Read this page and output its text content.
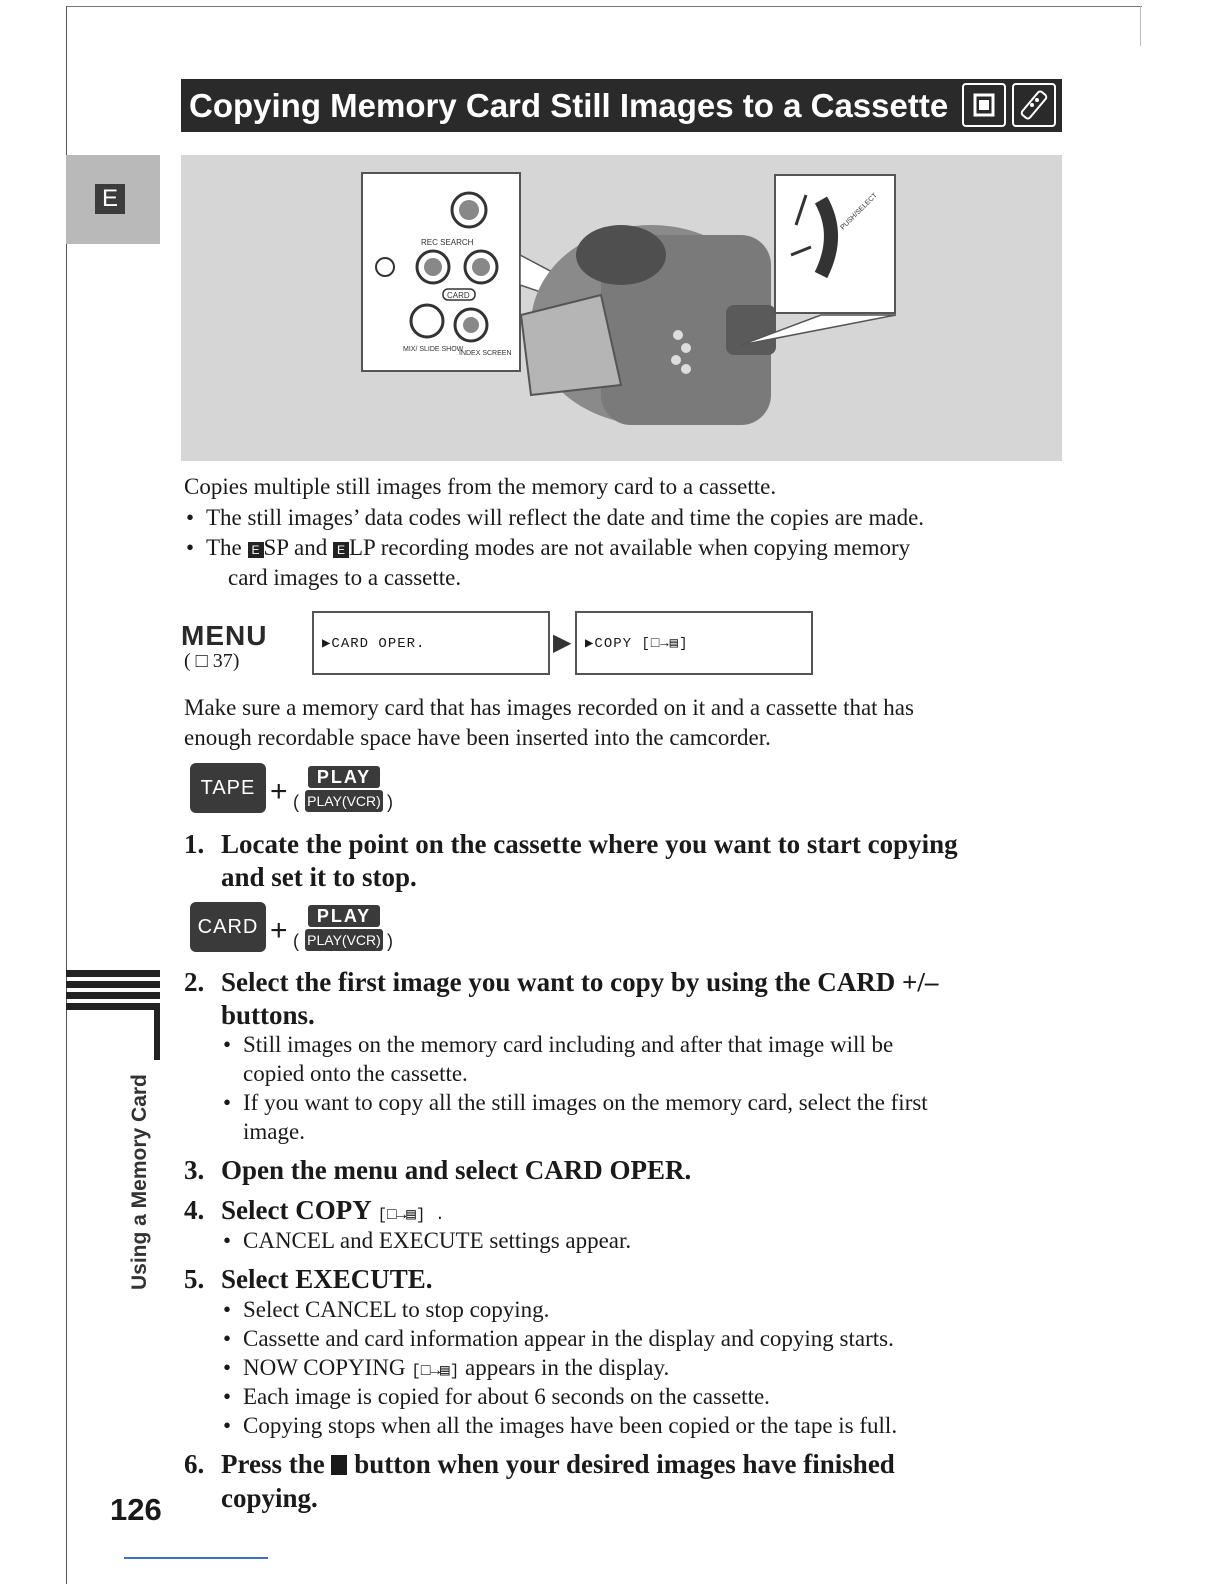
Copying Memory Card Still Images to a Cassette
E
REC SEARCH
CARD
MIX/ SLIDE SHOW
INDEX SCREEN
PUSH/SELECT
Copies multiple still images from the memory card to a cassette.
• The still images’ data codes will reflect the date and time the copies are made.
• The E SP and E LP recording modes are not available when copying memory
card images to a cassette.
MENU
( □ 37)
▶CARD OPER.	▶ ▶COPY [□→▤]
Make sure a memory card that has images recorded on it and a cassette that has
enough recordable space have been inserted into the camcorder.
TAPE + (
PLAY
PLAY(VCR) )
1. Locate the point on the cassette where you want to start copying
and set it to stop.
CARD + (
PLAY
PLAY(VCR) )
2. Select the first image you want to copy by using the CARD +/–
buttons.
• Still images on the memory card including and after that image will be
copied onto the cassette.
• If you want to copy all the still images on the memory card, select the first
image.
3. Open the menu and select CARD OPER.
4. Select COPY [□→▤] .
• CANCEL and EXECUTE settings appear.
5. Select EXECUTE.
• Select CANCEL to stop copying.
• Cassette and card information appear in the display and copying starts.
• NOW COPYING [□→▤] appears in the display.
• Each image is copied for about 6 seconds on the cassette.
• Copying stops when all the images have been copied or the tape is full.
6. Press the button when your desired images have finished
copying.
Using a Memory Card
126
